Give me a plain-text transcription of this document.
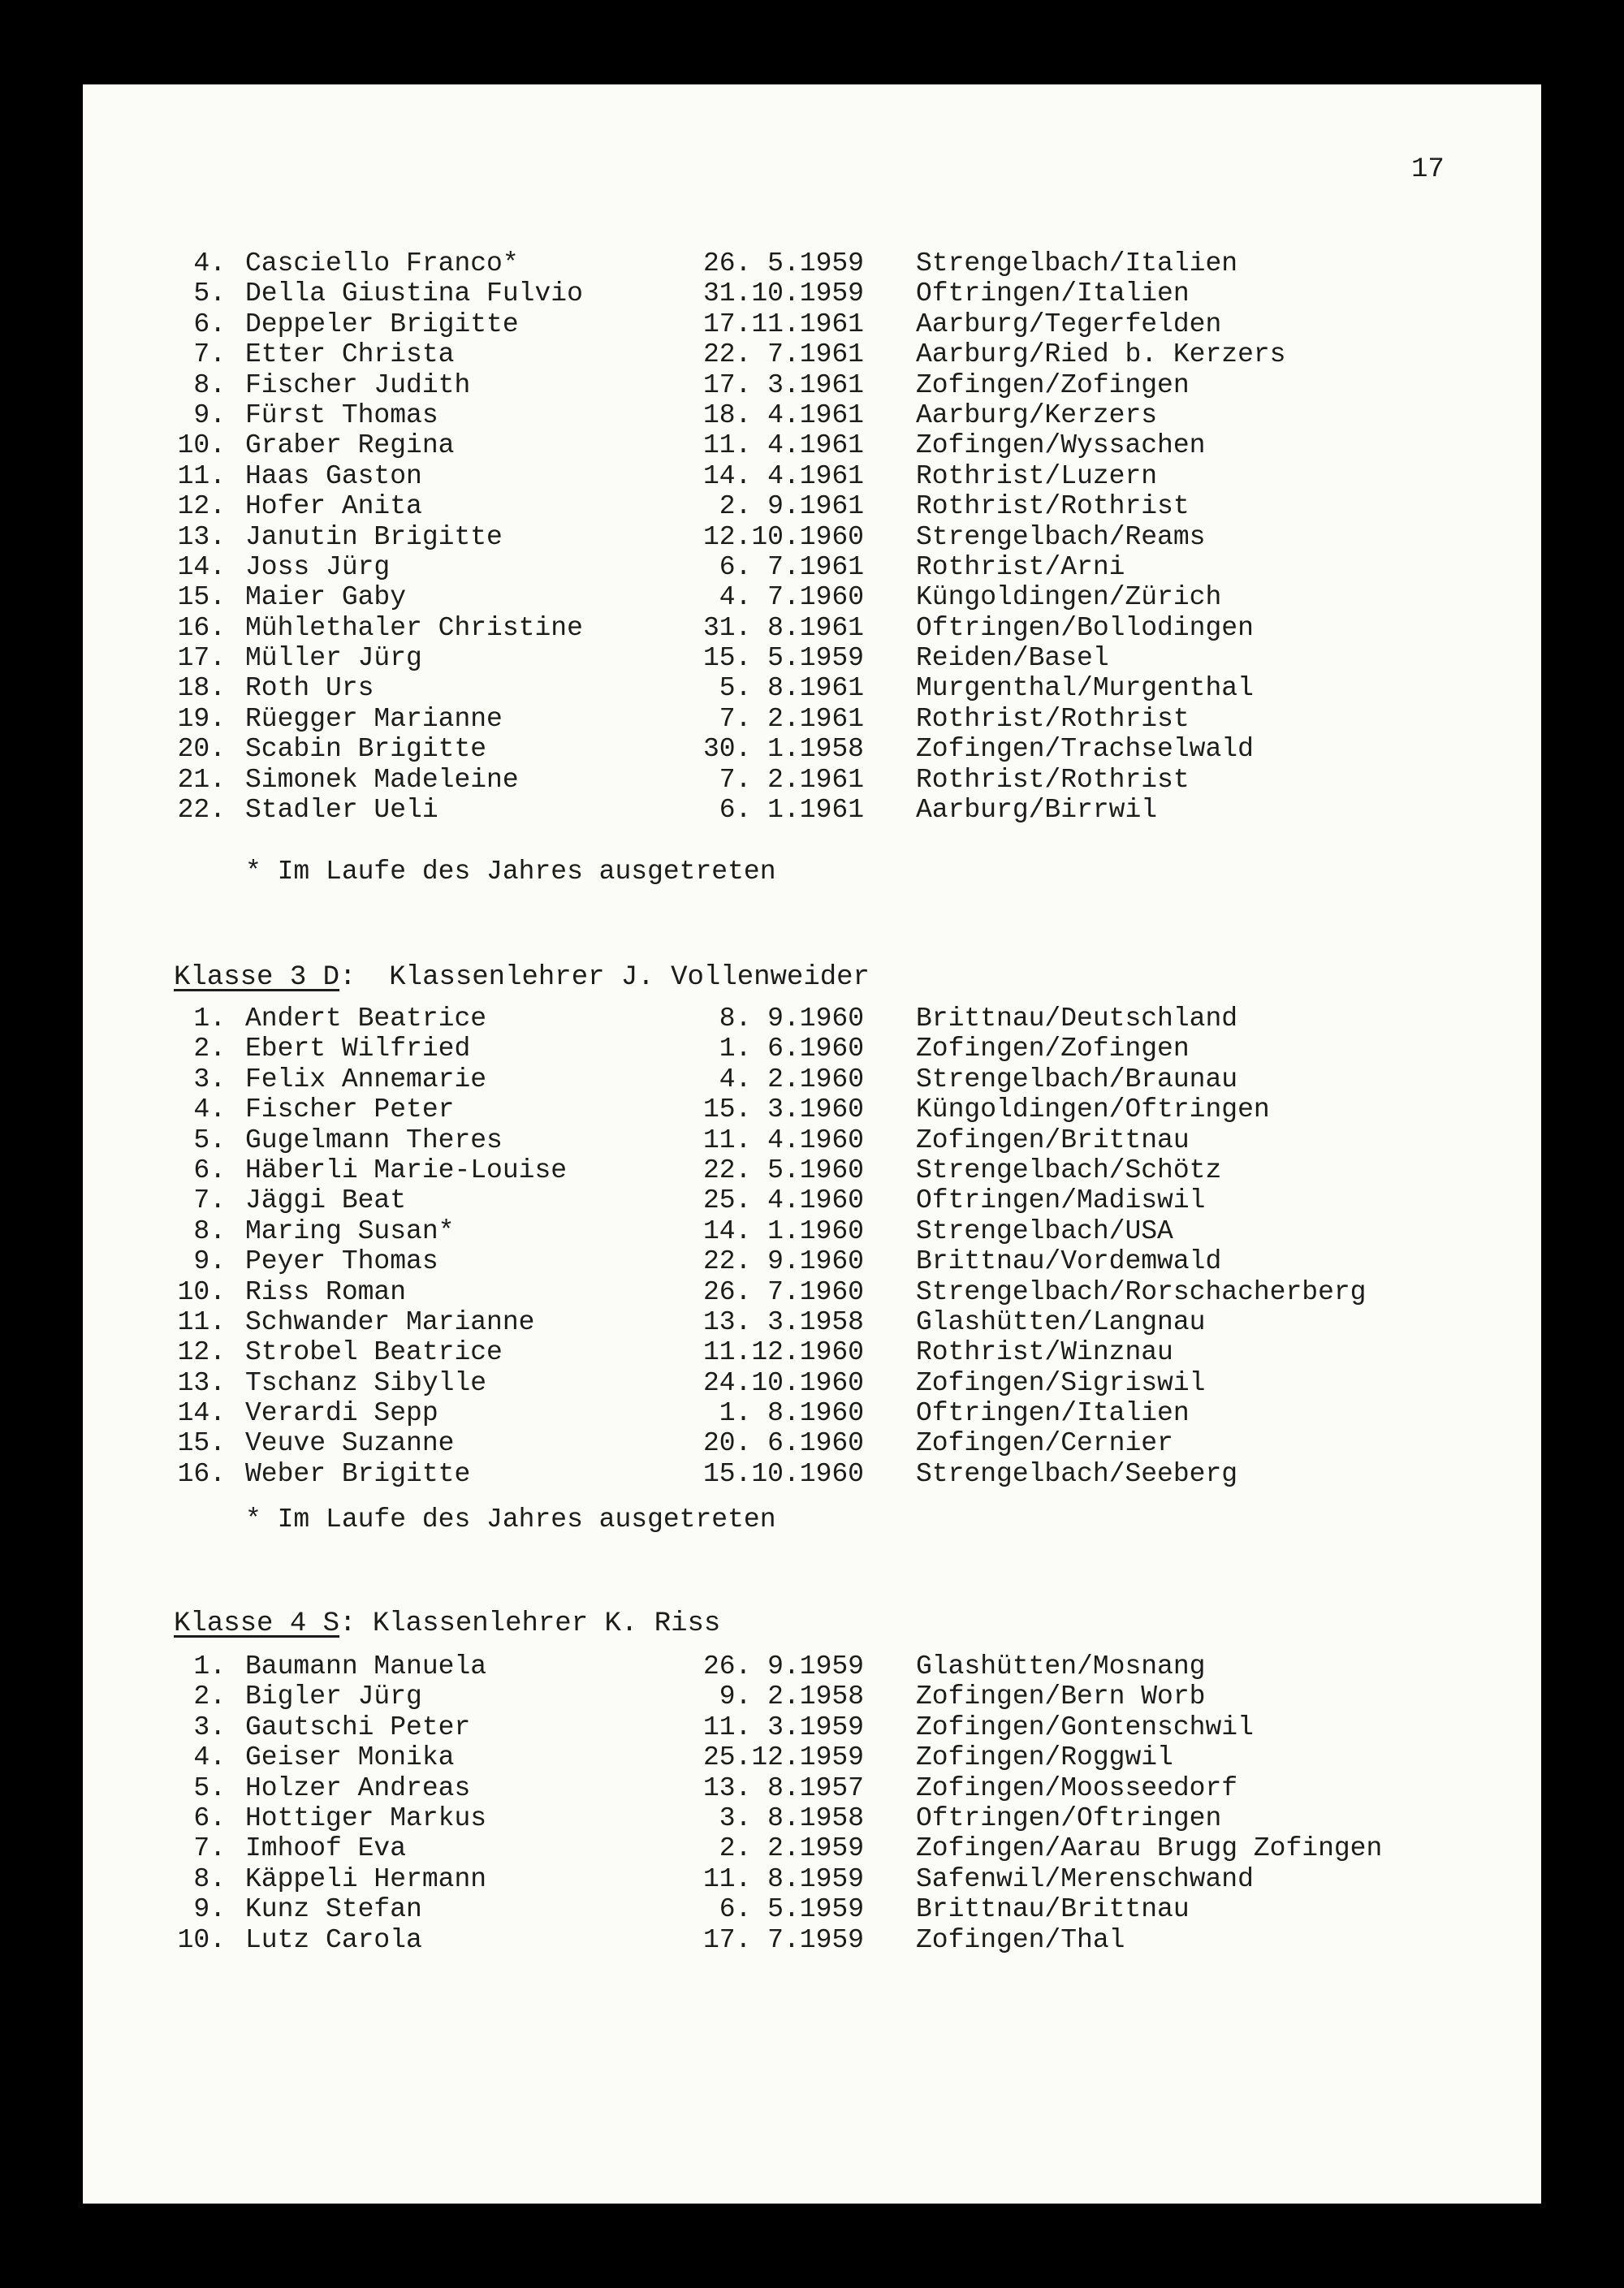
17
4. Casciello Franco*	26. 5.1959 Strengelbach/Italien
5. Della Giustina Fulvio	31.10.1959 Oftringen/Italien
6. Deppeler Brigitte	17.11.1961 Aarburg/Tegerfelden
7. Etter Christa	22. 7.1961 Aarburg/Ried b. Kerzers
8. Fischer Judith	17. 3.1961 Zofingen/Zofingen
9. Fürst Thomas	18. 4.1961 Aarburg/Kerzers
10. Graber Regina	11. 4.1961 Zofingen/Wyssachen
11. Haas Gaston	14. 4.1961 Rothrist/Luzern
12. Hofer Anita	2. 9.1961 Rothrist/Rothrist
13. Janutin Brigitte	12.10.1960 Strengelbach/Reams
14. Joss Jürg	6. 7.1961 Rothrist/Arni
15. Maier Gaby	4. 7.1960 Küngoldingen/Zürich
16. Mühlethaler Christine	31. 8.1961 Oftringen/Bollodingen
17. Müller Jürg	15. 5.1959 Reiden/Basel
18. Roth Urs	5. 8.1961 Murgenthal/Murgenthal
19. Rüegger Marianne	7. 2.1961 Rothrist/Rothrist
20. Scabin Brigitte	30. 1.1958 Zofingen/Trachselwald
21. Simonek Madeleine	7. 2.1961 Rothrist/Rothrist
22. Stadler Ueli	6. 1.1961 Aarburg/Birrwil
* Im Laufe des Jahres ausgetreten
Klasse 3 D:  Klassenlehrer J. Vollenweider
1. Andert Beatrice	8. 9.1960 Brittnau/Deutschland
2. Ebert Wilfried	1. 6.1960 Zofingen/Zofingen
3. Felix Annemarie	4. 2.1960 Strengelbach/Braunau
4. Fischer Peter	15. 3.1960 Küngoldingen/Oftringen
5. Gugelmann Theres	11. 4.1960 Zofingen/Brittnau
6. Häberli Marie-Louise	22. 5.1960 Strengelbach/Schötz
7. Jäggi Beat	25. 4.1960 Oftringen/Madiswil
8. Maring Susan*	14. 1.1960 Strengelbach/USA
9. Peyer Thomas	22. 9.1960 Brittnau/Vordemwald
10. Riss Roman	26. 7.1960 Strengelbach/Rorschacherberg
11. Schwander Marianne	13. 3.1958 Glashütten/Langnau
12. Strobel Beatrice	11.12.1960 Rothrist/Winznau
13. Tschanz Sibylle	24.10.1960 Zofingen/Sigriswil
14. Verardi Sepp	1. 8.1960 Oftringen/Italien
15. Veuve Suzanne	20. 6.1960 Zofingen/Cernier
16. Weber Brigitte	15.10.1960 Strengelbach/Seeberg
* Im Laufe des Jahres ausgetreten
Klasse 4 S: Klassenlehrer K. Riss
1. Baumann Manuela	26. 9.1959 Glashütten/Mosnang
2. Bigler Jürg	9. 2.1958 Zofingen/Bern Worb
3. Gautschi Peter	11. 3.1959 Zofingen/Gontenschwil
4. Geiser Monika	25.12.1959 Zofingen/Roggwil
5. Holzer Andreas	13. 8.1957 Zofingen/Moosseedorf
6. Hottiger Markus	3. 8.1958 Oftringen/Oftringen
7. Imhoof Eva	2. 2.1959 Zofingen/Aarau Brugg Zofingen
8. Käppeli Hermann	11. 8.1959 Safenwil/Merenschwand
9. Kunz Stefan	6. 5.1959 Brittnau/Brittnau
10. Lutz Carola	17. 7.1959 Zofingen/Thal
